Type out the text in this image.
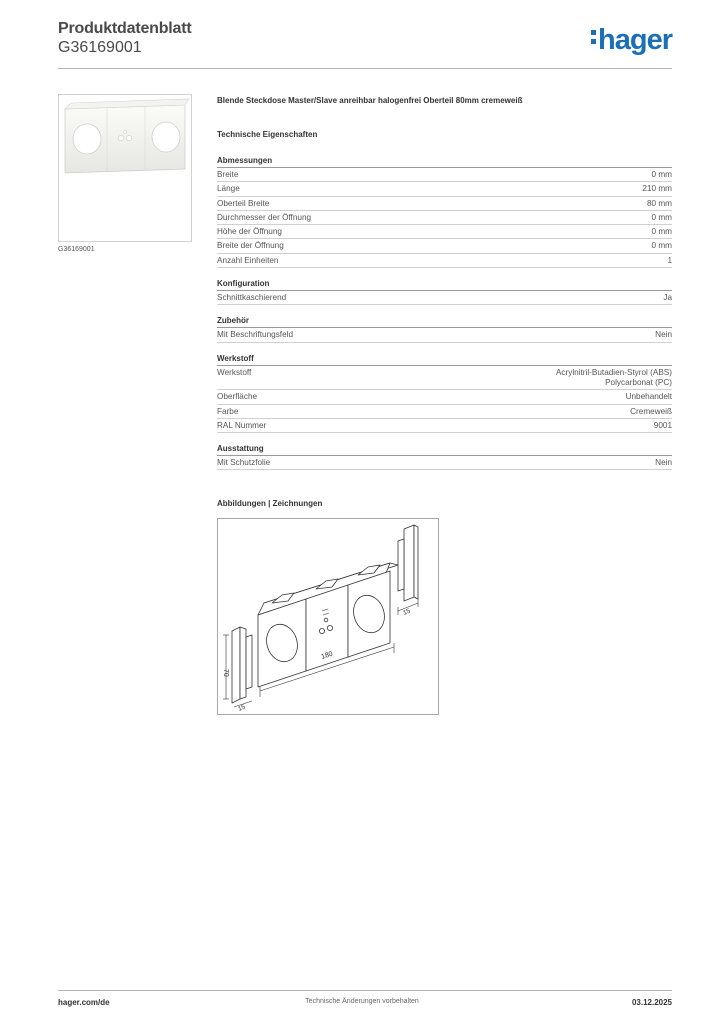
Produktdatenblatt
G36169001	hager
G36169001
Blende Steckdose Master/Slave anreihbar halogenfrei Oberteil 80mm cremeweiß
Technische Eigenschaften
Abmessungen
Breite	0 mm
Länge	210 mm
Oberteil Breite	80 mm
Durchmesser der Öffnung	0 mm
Höhe der Öffnung	0 mm
Breite der Öffnung	0 mm
Anzahl Einheiten	1
Konfiguration
Schnittkaschierend	Ja
Zubehör
Mit Beschriftungsfeld	Nein
Werkstoff
Werkstoff	Acrylnitril-Butadien-Styrol (ABS)
Polycarbonat (PC)
Oberfläche	Unbehandelt
Farbe	Cremeweiß
RAL Nummer	9001
Ausstattung
Mit Schutzfolie	Nein
Abbildungen | Zeichnungen
180
70
15
15
hager.com/de	Technische Änderungen vorbehalten	03.12.2025
